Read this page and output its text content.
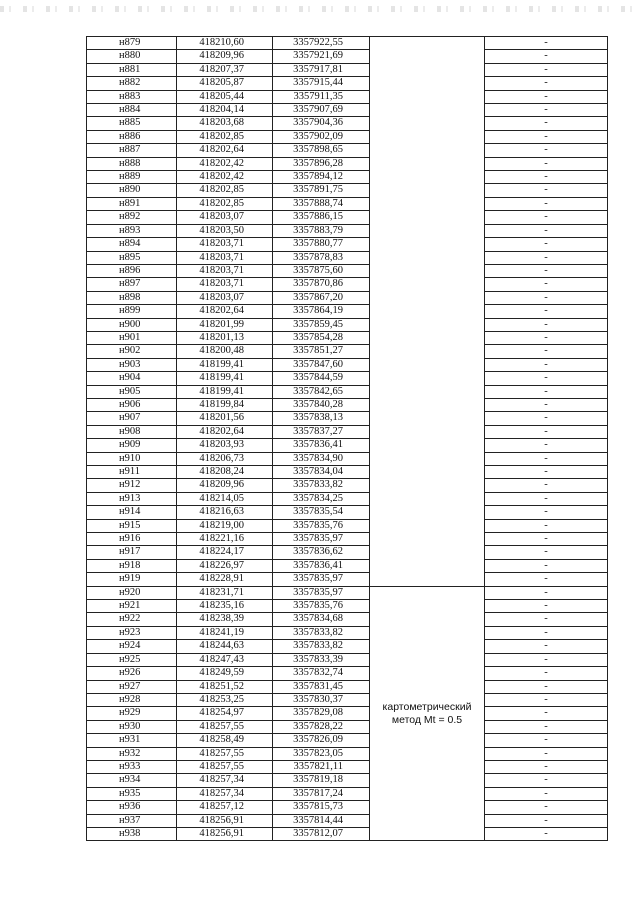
н879	418210,60	3357922,55		-
н880	418209,96	3357921,69		-
н881	418207,37	3357917,81		-
н882	418205,87	3357915,44		-
н883	418205,44	3357911,35		-
н884	418204,14	3357907,69		-
н885	418203,68	3357904,36		-
н886	418202,85	3357902,09		-
н887	418202,64	3357898,65		-
н888	418202,42	3357896,28		-
н889	418202,42	3357894,12		-
н890	418202,85	3357891,75		-
н891	418202,85	3357888,74		-
н892	418203,07	3357886,15		-
н893	418203,50	3357883,79		-
н894	418203,71	3357880,77		-
н895	418203,71	3357878,83		-
н896	418203,71	3357875,60		-
н897	418203,71	3357870,86		-
н898	418203,07	3357867,20		-
н899	418202,64	3357864,19		-
н900	418201,99	3357859,45		-
н901	418201,13	3357854,28		-
н902	418200,48	3357851,27		-
н903	418199,41	3357847,60		-
н904	418199,41	3357844,59		-
н905	418199,41	3357842,65		-
н906	418199,84	3357840,28		-
н907	418201,56	3357838,13		-
н908	418202,64	3357837,27		-
н909	418203,93	3357836,41		-
н910	418206,73	3357834,90		-
н911	418208,24	3357834,04		-
н912	418209,96	3357833,82		-
н913	418214,05	3357834,25		-
н914	418216,63	3357835,54		-
н915	418219,00	3357835,76		-
н916	418221,16	3357835,97		-
н917	418224,17	3357836,62		-
н918	418226,97	3357836,41		-
н919	418228,91	3357835,97		-
н920	418231,71	3357835,97	картометрический
метод Mt = 0.5	-
н921	418235,16	3357835,76		-
н922	418238,39	3357834,68		-
н923	418241,19	3357833,82		-
н924	418244,63	3357833,82		-
н925	418247,43	3357833,39		-
н926	418249,59	3357832,74		-
н927	418251,52	3357831,45		-
н928	418253,25	3357830,37		-
н929	418254,97	3357829,08		-
н930	418257,55	3357828,22		-
н931	418258,49	3357826,09		-
н932	418257,55	3357823,05		-
н933	418257,55	3357821,11		-
н934	418257,34	3357819,18		-
н935	418257,34	3357817,24		-
н936	418257,12	3357815,73		-
н937	418256,91	3357814,44		-
н938	418256,91	3357812,07		-
